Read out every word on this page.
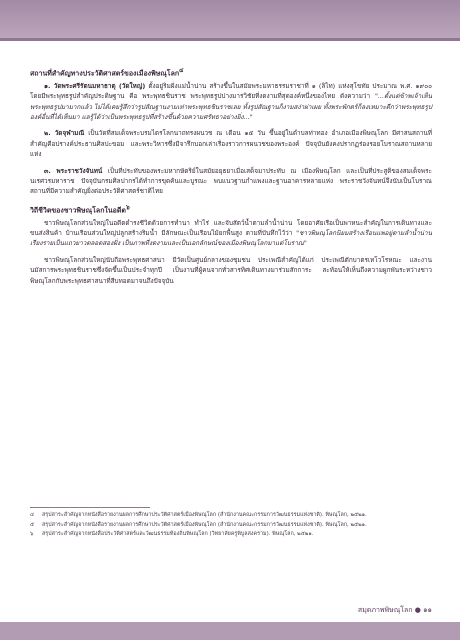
สถานที่สำคัญทางประวัติศาสตร์ของเมืองพิษณุโลก$^๔$

๑. วัดพระศรีรัตนมหาธาตุ (วัดใหญ่) ตั้งอยู่ริมฝั่งแม่น้ำน่าน สร้างขึ้นในสมัยพระมหาธรรมราชาที่ ๑ (ลิไท) แห่งสุโขทัย ประมาณ พ.ศ. ๑๙๐๐ โดยมีพระพุทธรูปสำคัญประดิษฐาน คือ พระพุทธชินราช พระพุทธรูปปางมารวิชัยที่งดงามที่สุดองค์หนึ่งของไทย ดังความว่า "...ตั้งแต่ข้าพเจ้าเห็นพระพุทธรูปมามากแล้ว ไม่ได้เคยรู้สึกว่ารูปสัณฐานงามเท่าพระพุทธชินราชเลย ทั้งรูปสัณฐานก็งามสง่าผ่าเผย ทั้งพระพักตร์ก็ลงเหมาะดีกว่าพระพุทธรูปองค์อื่นที่ได้เห็นมา แลรู้ได้ว่าเป็นพระพุทธรูปที่สร้างขึ้นด้วยความศรัทธาอย่างยิ่ง..."

๒. วัดจุฬามณี เป็นวัดที่สมเด็จพระบรมไตรโลกนาถทรงผนวช ณ เดือน ๑๕ วัน ขึ้นอยู่ในตำบลท่าทอง อำเภอเมืองพิษณุโลก มีศาสนสถานที่สำคัญคือปรางค์ประธานศิลปะขอม และพระวิหารซึ่งมีจารึกบอกเล่าเรื่องราวการผนวชของพระองค์ ปัจจุบันยังคงปรากฏร่องรอยโบราณสถานหลายแห่ง

๓. พระราชวังจันทน์ เป็นที่ประทับของพระมหากษัตริย์ในสมัยอยุธยาเมื่อเสด็จมาประทับ ณ เมืองพิษณุโลก และเป็นที่ประสูติของสมเด็จพระนเรศวรมหาราช ปัจจุบันกรมศิลปากรได้ทำการขุดค้นและบูรณะ พบแนวฐานกำแพงและฐานอาคารหลายแห่ง พระราชวังจันทน์จึงนับเป็นโบราณสถานที่มีความสำคัญยิ่งต่อประวัติศาสตร์ชาติไทย

วิถีชีวิตของชาวพิษณุโลกในอดีต$^๖$

ชาวพิษณุโลกส่วนใหญ่ในอดีตดำรงชีวิตด้วยการทำนา ทำไร่ และจับสัตว์น้ำตามลำน้ำน่าน โดยอาศัยเรือเป็นพาหนะสำคัญในการเดินทางและขนส่งสินค้า บ้านเรือนส่วนใหญ่ปลูกสร้างริมน้ำ มีลักษณะเป็นเรือนไม้ยกพื้นสูง ตามที่บันทึกไว้ว่า "ชาวพิษณุโลกนิยมสร้างเรือนแพอยู่ตามลำน้ำน่าน เรียงรายเป็นแถวยาวตลอดสองฝั่ง เป็นภาพที่งดงามและเป็นเอกลักษณ์ของเมืองพิษณุโลกมาแต่โบราณ"

ชาวพิษณุโลกส่วนใหญ่นับถือพระพุทธศาสนา มีวัดเป็นศูนย์กลางของชุมชน ประเพณีสำคัญได้แก่ ประเพณีตักบาตรเทโวโรหณะ และงานนมัสการพระพุทธชินราชซึ่งจัดขึ้นเป็นประจำทุกปี เป็นงานที่ผู้คนจากทั่วสารทิศเดินทางมาร่วมสักการะ สะท้อนให้เห็นถึงความผูกพันระหว่างชาวพิษณุโลกกับพระพุทธศาสนาที่สืบทอดมาจนถึงปัจจุบัน

๔ สรุปสาระสำคัญจากหนังสือรายงานผลการศึกษาประวัติศาสตร์เมืองพิษณุโลก (สำนักงานคณะกรรมการวัฒนธรรมแห่งชาติ). พิษณุโลก, ๒๕๒๑.
๕ สรุปสาระสำคัญจากหนังสือรายงานผลการศึกษาประวัติศาสตร์เมืองพิษณุโลก (สำนักงานคณะกรรมการวัฒนธรรมแห่งชาติ). พิษณุโลก, ๒๕๒๑.
๖ สรุปสาระสำคัญจากหนังสือประวัติศาสตร์และวัฒนธรรมท้องถิ่นพิษณุโลก (วิทยาลัยครูพิบูลสงคราม). พิษณุโลก, ๒๕๒๑.
สมุดภาพพิษณุโลก ● ๑๑
